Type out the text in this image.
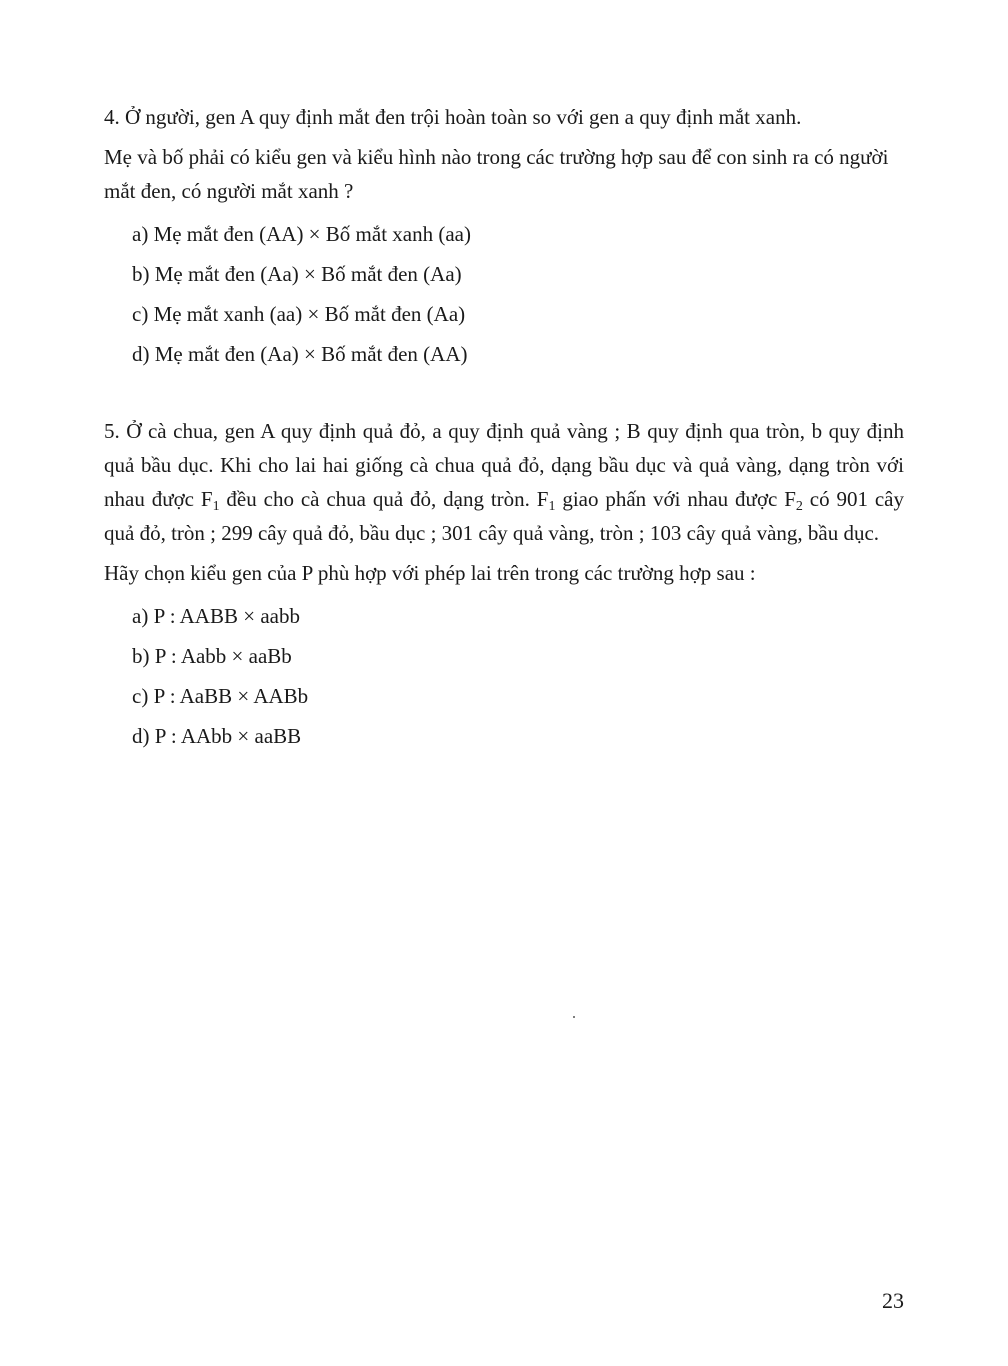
4. Ở người, gen A quy định mắt đen trội hoàn toàn so với gen a quy định mắt xanh.

Mẹ và bố phải có kiểu gen và kiểu hình nào trong các trường hợp sau để con sinh ra có người mắt đen, có người mắt xanh ?

a) Mẹ mắt đen (AA) × Bố mắt xanh (aa)
b) Mẹ mắt đen (Aa) × Bố mắt đen (Aa)
c) Mẹ mắt xanh (aa) × Bố mắt đen (Aa)
d) Mẹ mắt đen (Aa) × Bố mắt đen (AA)

5. Ở cà chua, gen A quy định quả đỏ, a quy định quả vàng ; B quy định qua tròn, b quy định quả bầu dục. Khi cho lai hai giống cà chua quả đỏ, dạng bầu dục và quả vàng, dạng tròn với nhau được $F_1$ đều cho cà chua quả đỏ, dạng tròn. $F_1$ giao phấn với nhau được $F_2$ có 901 cây quả đỏ, tròn ; 299 cây quả đỏ, bầu dục ; 301 cây quả vàng, tròn ; 103 cây quả vàng, bầu dục.

Hãy chọn kiểu gen của P phù hợp với phép lai trên trong các trường hợp sau :

a) P : AABB × aabb
b) P : Aabb × aaBb
c) P : AaBB × AABb
d) P : AAbb × aaBB
23
